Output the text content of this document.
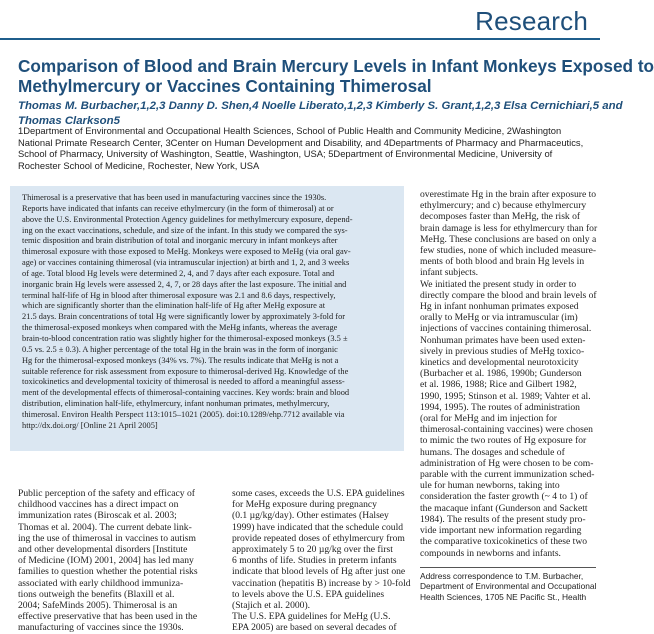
Research
Comparison of Blood and Brain Mercury Levels in Infant Monkeys Exposed to
Methylmercury or Vaccines Containing Thimerosal
Thomas M. Burbacher,1,2,3 Danny D. Shen,4 Noelle Liberato,1,2,3 Kimberly S. Grant,1,2,3 Elsa Cernichiari,5 and
Thomas Clarkson5
1Department of Environmental and Occupational Health Sciences, School of Public Health and Community Medicine, 2Washington
National Primate Research Center, 3Center on Human Development and Disability, and 4Departments of Pharmacy and Pharmaceutics,
School of Pharmacy, University of Washington, Seattle, Washington, USA; 5Department of Environmental Medicine, University of
Rochester School of Medicine, Rochester, New York, USA
Thimerosal is a preservative that has been used in manufacturing vaccines since the 1930s.
Reports have indicated that infants can receive ethylmercury (in the form of thimerosal) at or
above the U.S. Environmental Protection Agency guidelines for methylmercury exposure, depend-
ing on the exact vaccinations, schedule, and size of the infant. In this study we compared the sys-
temic disposition and brain distribution of total and inorganic mercury in infant monkeys after
thimerosal exposure with those exposed to MeHg. Monkeys were exposed to MeHg (via oral gav-
age) or vaccines containing thimerosal (via intramuscular injection) at birth and 1, 2, and 3 weeks
of age. Total blood Hg levels were determined 2, 4, and 7 days after each exposure. Total and
inorganic brain Hg levels were assessed 2, 4, 7, or 28 days after the last exposure. The initial and
terminal half-life of Hg in blood after thimerosal exposure was 2.1 and 8.6 days, respectively,
which are significantly shorter than the elimination half-life of Hg after MeHg exposure at
21.5 days. Brain concentrations of total Hg were significantly lower by approximately 3-fold for
the thimerosal-exposed monkeys when compared with the MeHg infants, whereas the average
brain-to-blood concentration ratio was slightly higher for the thimerosal-exposed monkeys (3.5 ±
0.5 vs. 2.5 ± 0.3). A higher percentage of the total Hg in the brain was in the form of inorganic
Hg for the thimerosal-exposed monkeys (34% vs. 7%). The results indicate that MeHg is not a
suitable reference for risk assessment from exposure to thimerosal-derived Hg. Knowledge of the
toxicokinetics and developmental toxicity of thimerosal is needed to afford a meaningful assess-
ment of the developmental effects of thimerosal-containing vaccines. Key words: brain and blood
distribution, elimination half-life, ethylmercury, infant nonhuman primates, methylmercury,
thimerosal. Environ Health Perspect 113:1015–1021 (2005). doi:10.1289/ehp.7712 available via
http://dx.doi.org/ [Online 21 April 2005]
overestimate Hg in the brain after exposure to
ethylmercury; and c) because ethylmercury
decomposes faster than MeHg, the risk of
brain damage is less for ethylmercury than for
MeHg. These conclusions are based on only a
few studies, none of which included measure-
ments of both blood and brain Hg levels in
infant subjects.
We initiated the present study in order to
directly compare the blood and brain levels of
Hg in infant nonhuman primates exposed
orally to MeHg or via intramuscular (im)
injections of vaccines containing thimerosal.
Nonhuman primates have been used exten-
sively in previous studies of MeHg toxico-
kinetics and developmental neurotoxicity
(Burbacher et al. 1986, 1990b; Gunderson
et al. 1986, 1988; Rice and Gilbert 1982,
1990, 1995; Stinson et al. 1989; Vahter et al.
1994, 1995). The routes of administration
(oral for MeHg and im injection for
thimerosal-containing vaccines) were chosen
to mimic the two routes of Hg exposure for
humans. The dosages and schedule of
administration of Hg were chosen to be com-
parable with the current immunization sched-
ule for human newborns, taking into
consideration the faster growth (~ 4 to 1) of
the macaque infant (Gunderson and Sackett
1984). The results of the present study pro-
vide important new information regarding
the comparative toxicokinetics of these two
compounds in newborns and infants.
Public perception of the safety and efficacy of
childhood vaccines has a direct impact on
immunization rates (Biroscak et al. 2003;
Thomas et al. 2004). The current debate link-
ing the use of thimerosal in vaccines to autism
and other developmental disorders [Institute
of Medicine (IOM) 2001, 2004] has led many
families to question whether the potential risks
associated with early childhood immuniza-
tions outweigh the benefits (Blaxill et al.
2004; SafeMinds 2005). Thimerosal is an
effective preservative that has been used in the
manufacturing of vaccines since the 1930s.
some cases, exceeds the U.S. EPA guidelines
for MeHg exposure during pregnancy
(0.1 µg/kg/day). Other estimates (Halsey
1999) have indicated that the schedule could
provide repeated doses of ethylmercury from
approximately 5 to 20 µg/kg over the first
6 months of life. Studies in preterm infants
indicate that blood levels of Hg after just one
vaccination (hepatitis B) increase by > 10-fold
to levels above the U.S. EPA guidelines
(Stajich et al. 2000).
The U.S. EPA guidelines for MeHg (U.S.
EPA 2005) are based on several decades of
Address correspondence to T.M. Burbacher,
Department of Environmental and Occupational
Health Sciences, 1705 NE Pacific St., Health
